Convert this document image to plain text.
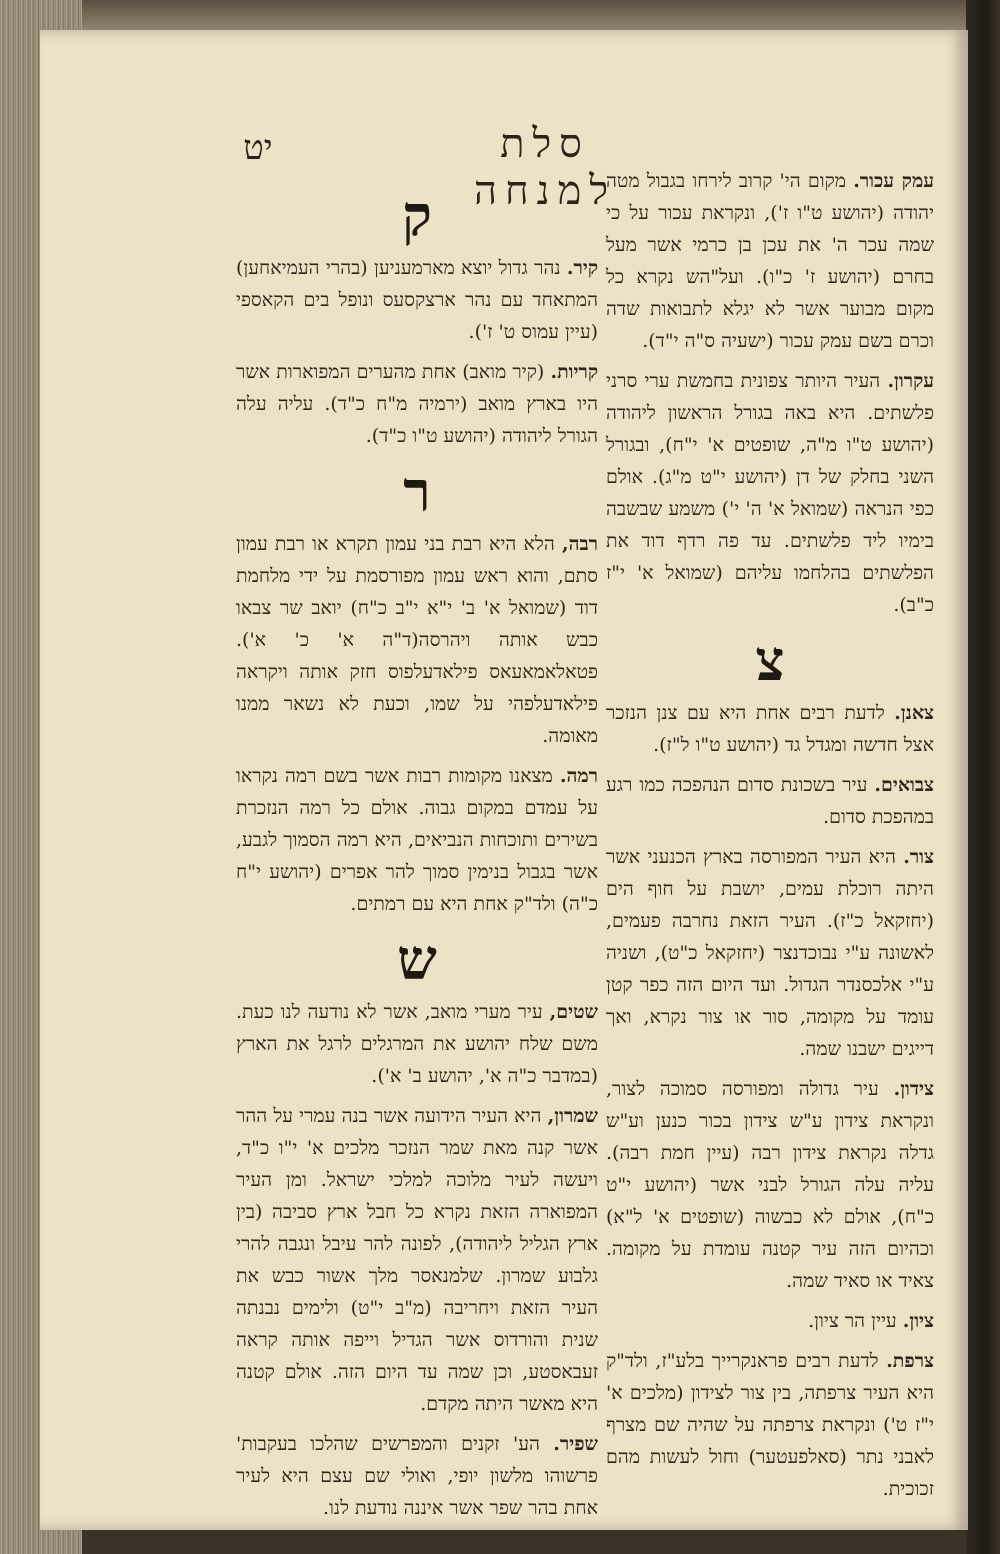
סלת למנחה
יט
עמק עכור. מקום הי' קרוב לירחו בגבול מטה יהודה (יהושע ט"ו ז'), ונקראת עכור על כי שמה עכר ה' את עכן בן כרמי אשר מעל בחרם (יהושע ז' כ"ו). ועל"הש נקרא כל מקום מבוער אשר לא יגלא לתבואות שדה וכרם בשם עמק עכור (ישעיה ס"ה י"ד).
עקרון. העיר היותר צפונית בחמשת ערי סרני פלשתים. היא באה בגורל הראשון ליהודה (יהושע ט"ו מ"ה, שופטים א' י"ח), ובגורל השני בחלק של דן (יהושע י"ט מ"ג). אולם כפי הנראה (שמואל א' ה' י') משמע שבשבה בימיו ליד פלשתים. עד פה רדף דוד את הפלשתים בהלחמו עליהם (שמואל א' י"ז כ"ב).
צ
צאנן. לדעת רבים אחת היא עם צנן הנזכר אצל חדשה ומגדל גד (יהושע ט"ו ל"ז).
צבואים. עיר בשכונת סדום הנהפכה כמו רגע במהפכת סדום.
צור. היא העיר המפורסה בארץ הכנעני אשר היתה רוכלת עמים, יושבת על חוף הים (יחזקאל כ"ז). העיר הזאת נחרבה פעמים, לאשונה ע"י נבוכדנצר (יחזקאל כ"ט), ושניה ע"י אלכסנדר הגדול. ועד היום הזה כפר קטן עומד על מקומה, סור או צור נקרא, ואך דייגים ישבנו שמה.
צידון. עיר גדולה ומפורסה סמוכה לצור, ונקראת צידון ע"ש צידון בכור כנען וע"ש גדלה נקראת צידון רבה (עיין חמת רבה). עליה עלה הגורל לבני אשר (יהושע י"ט כ"ח), אולם לא כבשוה (שופטים א' ל"א) וכהיום הזה עיר קטנה עומדת על מקומה. צאיד או סאיד שמה.
ציון. עיין הר ציון.
צרפת. לדעת רבים פראנקרייך בלע"ז, ולד"ק היא העיר צרפתה, בין צור לצידון (מלכים א' י"ז ט') ונקראת צרפתה על שהיה שם מצרף לאבני נתר (סאלפעטער) וחול לעשות מהם זכוכית.
ק
קיר. נהר גדול יוצא מארמעניען (בהרי העמיאחען) המתאחד עם נהר ארצקסעס ונופל בים הקאספי (עיין עמוס ט' ז').
קריות. (קיר מואב) אחת מהערים המפוארות אשר היו בארץ מואב (ירמיה מ"ח כ"ד). עליה עלה הגורל ליהודה (יהושע ט"ו כ"ד).
ר
רבה, הלא היא רבת בני עמון תקרא או רבת עמון סתם, והוא ראש עמון מפורסמת על ידי מלחמת דוד (שמואל א' ב' י"א י"ב כ"ח) יואב שר צבאו כבש אותה ויהרסה(ד"ה א' כ' א'). פטאלאמאעאס פילאדעלפוס חזק אותה ויקראה פילאדעלפהי על שמו, וכעת לא נשאר ממנו מאומה.
רמה. מצאנו מקומות רבות אשר בשם רמה נקראו על עמדם במקום גבוה. אולם כל רמה הנזכרת בשירים ותוכחות הנביאים, היא רמה הסמוך לגבע, אשר בגבול בנימין סמוך להר אפרים (יהושע י"ח כ"ה) ולד"ק אחת היא עם רמתים.
ש
שטים, עיר מערי מואב, אשר לא נודעה לנו כעת. משם שלח יהושע את המרגלים לרגל את הארץ (במדבר כ"ה א', יהושע ב' א').
שמרון, היא העיר הידועה אשר בנה עמרי על ההר אשר קנה מאת שמר הנזכר מלכים א' י"ו כ"ד, ויעשה לעיר מלוכה למלכי ישראל. ומן העיר המפוארה הזאת נקרא כל חבל ארץ סביבה (בין ארץ הגליל ליהודה), לפונה להר עיבל ונגבה להרי גלבוע שמרון. שלמנאסר מלך אשור כבש את העיר הזאת ויחריבה (מ"ב י"ט) ולימים נבנתה שנית והורדוס אשר הגדיל וייפה אותה קראה זעבאסטע, וכן שמה עד היום הזה. אולם קטנה היא מאשר היתה מקדם.
שפיר. הע' זקנים והמפרשים שהלכו בעקבות' פרשוהו מלשון יופי, ואולי שם עצם היא לעיר אחת בהר שפר אשר איננה נודעת לנו.
